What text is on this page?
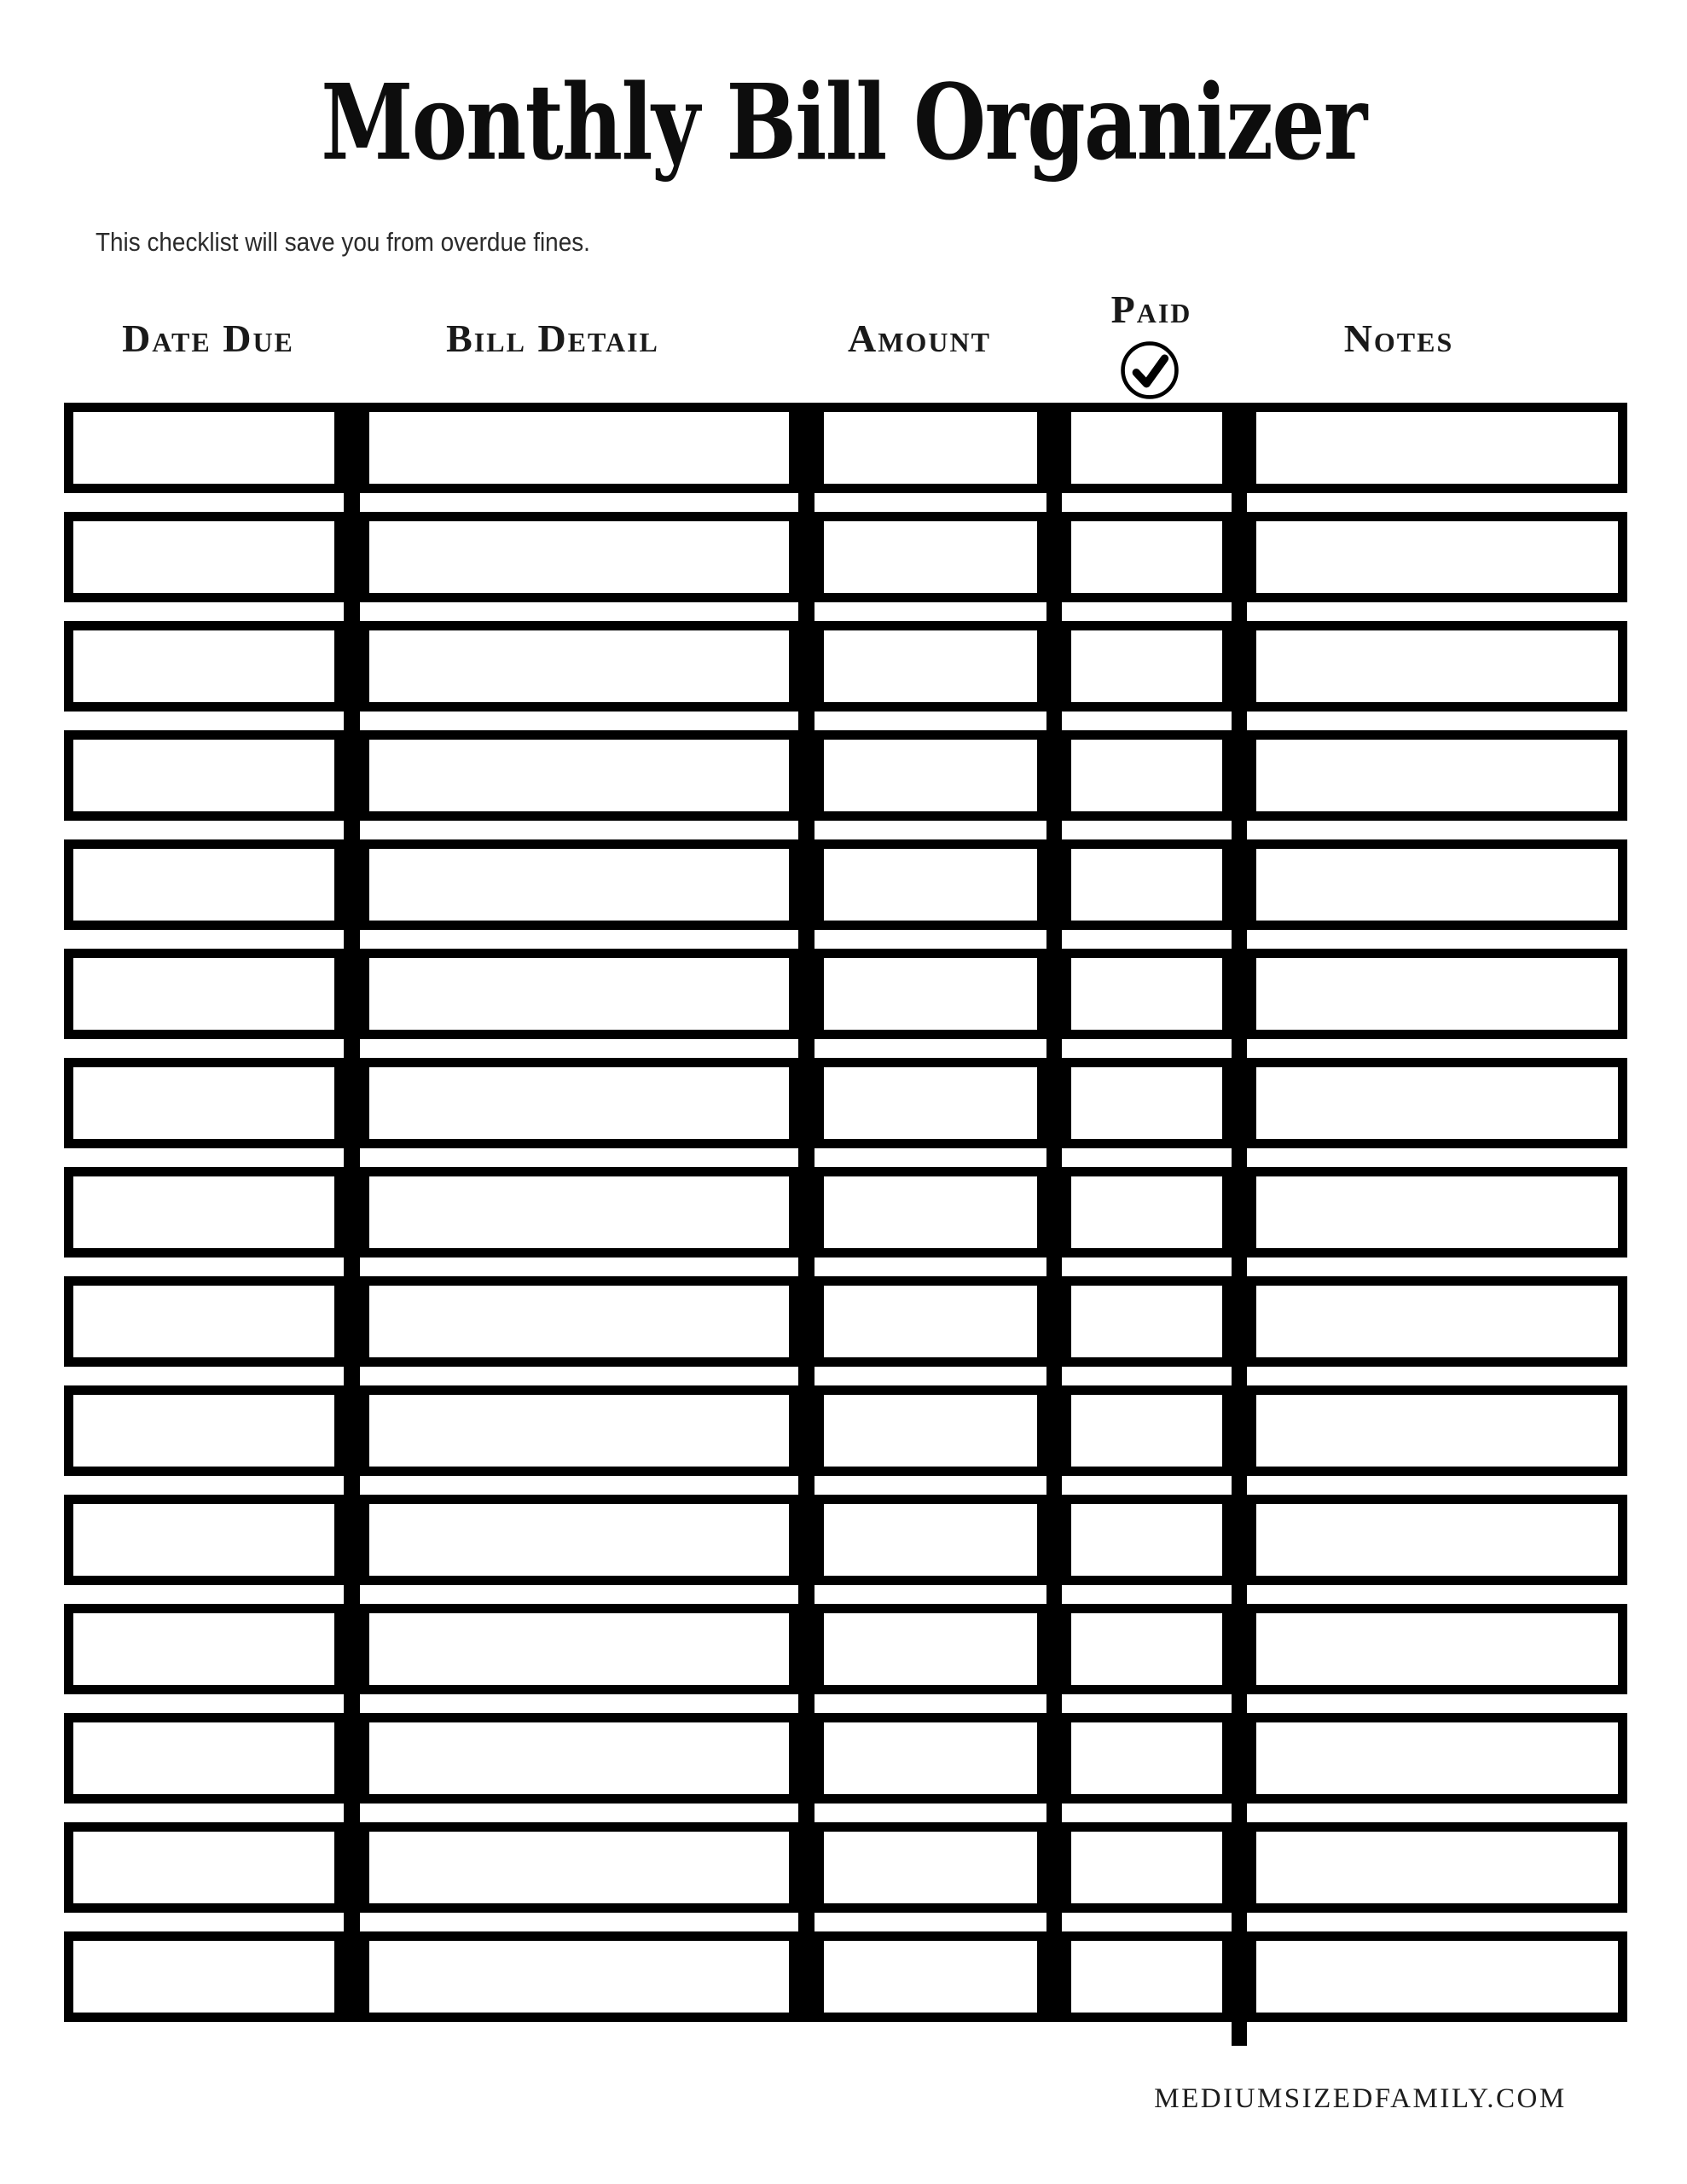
Monthly Bill Organizer
This checklist will save you from overdue fines.
Date Due	Bill Detail	Amount
Paid
Notes
MEDIUMSIZEDFAMILY.COM
